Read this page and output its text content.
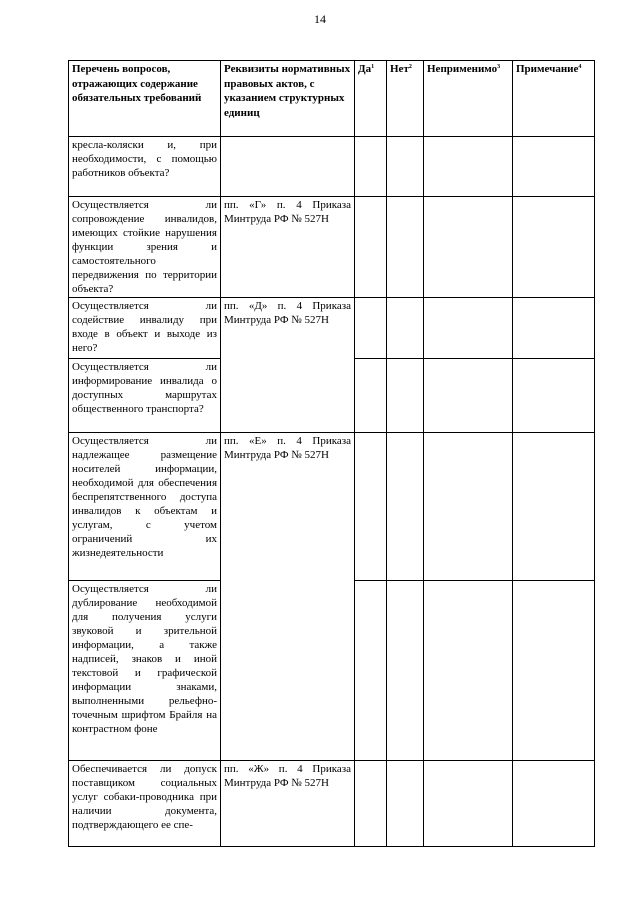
14
Перечень вопросов, отражающих содержание обязательных требований	Реквизиты нормативных правовых актов, с указанием структурных единиц	$Да^1$	Нет$^2$	Неприменимо$^3$	Примечание$^4$
кресла-коляски и, при необходимости, с помощью работников объекта?					
Осуществляется ли сопровождение инвалидов, имеющих стойкие нарушения функции зрения и самостоятельного передвижения по территории объекта?	пп. «Г» п. 4 Приказа Минтруда РФ № 527Н				
Осуществляется ли содействие инвалиду при входе в объект и выходе из него?	пп. «Д» п. 4 Приказа Минтруда РФ № 527Н				
Осуществляется ли информирование инвалида о доступных маршрутах общественного транспорта?					
Осуществляется ли надлежащее размещение носителей информации, необходимой для обеспечения беспрепятственного доступа инвалидов к объектам и услугам, с учетом ограничений их жизнедеятельности	пп. «Е» п. 4 Приказа Минтруда РФ № 527Н				
Осуществляется ли дублирование необходимой для получения услуги звуковой и зрительной информации, а также надписей, знаков и иной текстовой и графической информации знаками, выполненными рельефно-точечным шрифтом Брайля на контрастном фоне					
Обеспечивается ли допуск поставщиком социальных услуг собаки-проводника при наличии документа, подтверждающего ее спе-	пп. «Ж» п. 4 Приказа Минтруда РФ № 527Н				
